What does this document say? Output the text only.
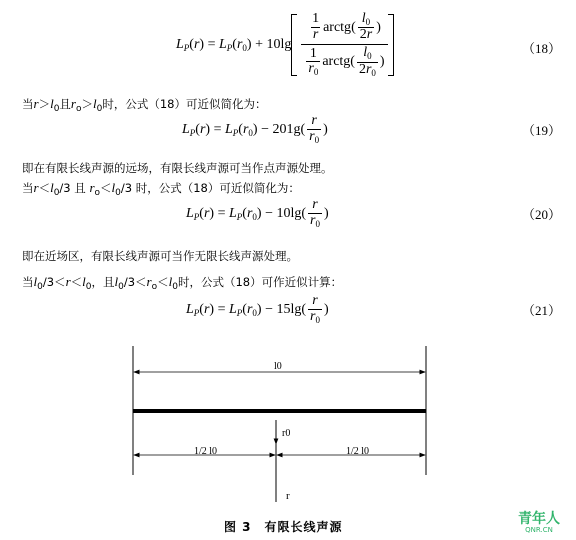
$L_P(r) = L_P(r_0) + 10\lg$
$\frac{1}{r}$ arctg ( $\frac{l_0}{2r}$ )
$\frac{1}{r_0}$ arctg ( $\frac{l_0}{2r_0}$ )
（18）
当$r>l_0$且$r_o>l_0$时，公式（18）可近似简化为：
$L_P(r) = L_P(r_0) - 201g( \frac{r}{r_0}$ )	（19）
即在有限长线声源的远场，有限长线声源可当作点声源处理。
当$r<l_0/3$ 且 $r_o<l_0/3$ 时，公式（18）可近似简化为：
$L_P(r) = L_P(r_0) - 10\lg( \frac{r}{r_0}$ )	（20）
即在近场区，有限长线声源可当作无限长线声源处理。
当$l_0/3<r<l_0$，且$l_0/3<r_o<l_0$时，公式（18）可作近似计算：
$L_P(r) = L_P(r_0) - 15\lg( \frac{r}{r_0}$ )	（21）
l0
r0
1/2 l0	1/2 l0
r
图 3　有限长线声源	青年人
QNR.CN
